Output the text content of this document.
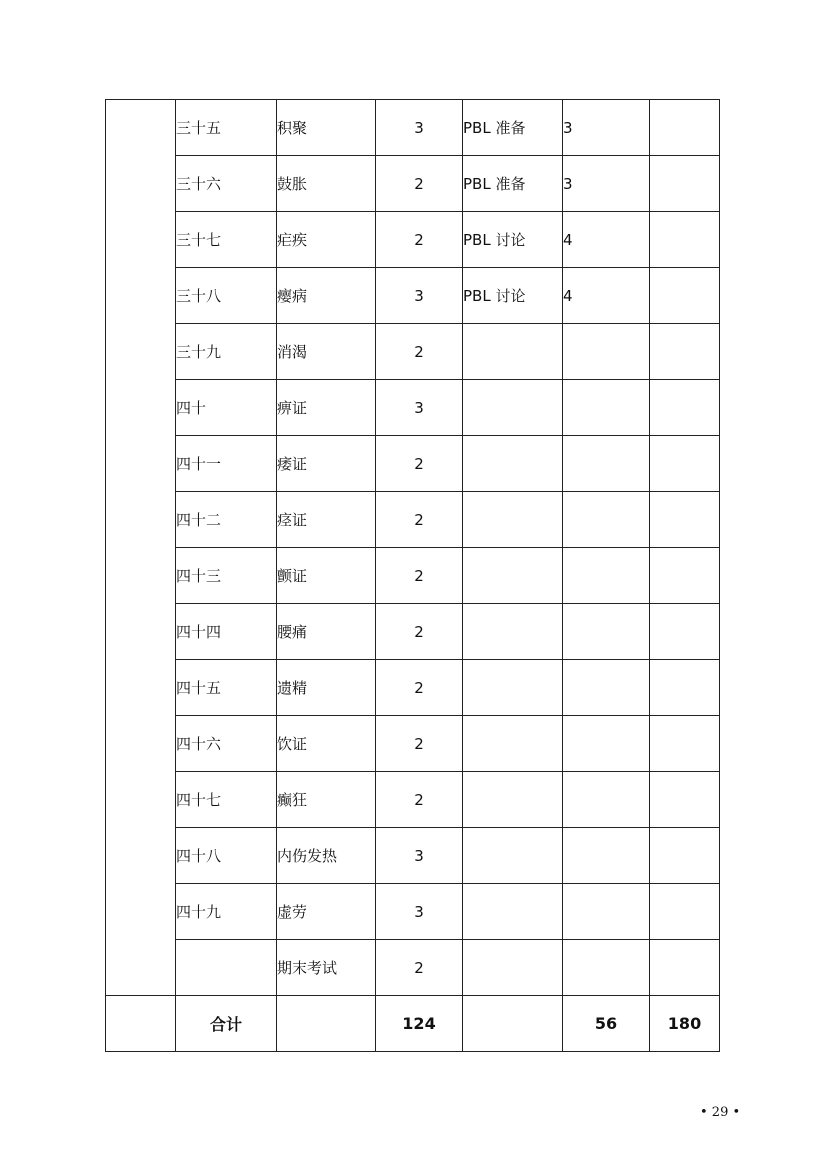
	三十五	积聚	3	PBL 准备	3	
	三十六	鼓胀	2	PBL 准备	3	
	三十七	疟疾	2	PBL 讨论	4	
	三十八	瘿病	3	PBL 讨论	4	
	三十九	消渴	2			
	四十	痹证	3			
	四十一	痿证	2			
	四十二	痉证	2			
	四十三	颤证	2			
	四十四	腰痛	2			
	四十五	遗精	2			
	四十六	饮证	2			
	四十七	癫狂	2			
	四十八	内伤发热	3			
	四十九	虚劳	3			
		期末考试	2			
	合计		124		56	180
• 29 •
